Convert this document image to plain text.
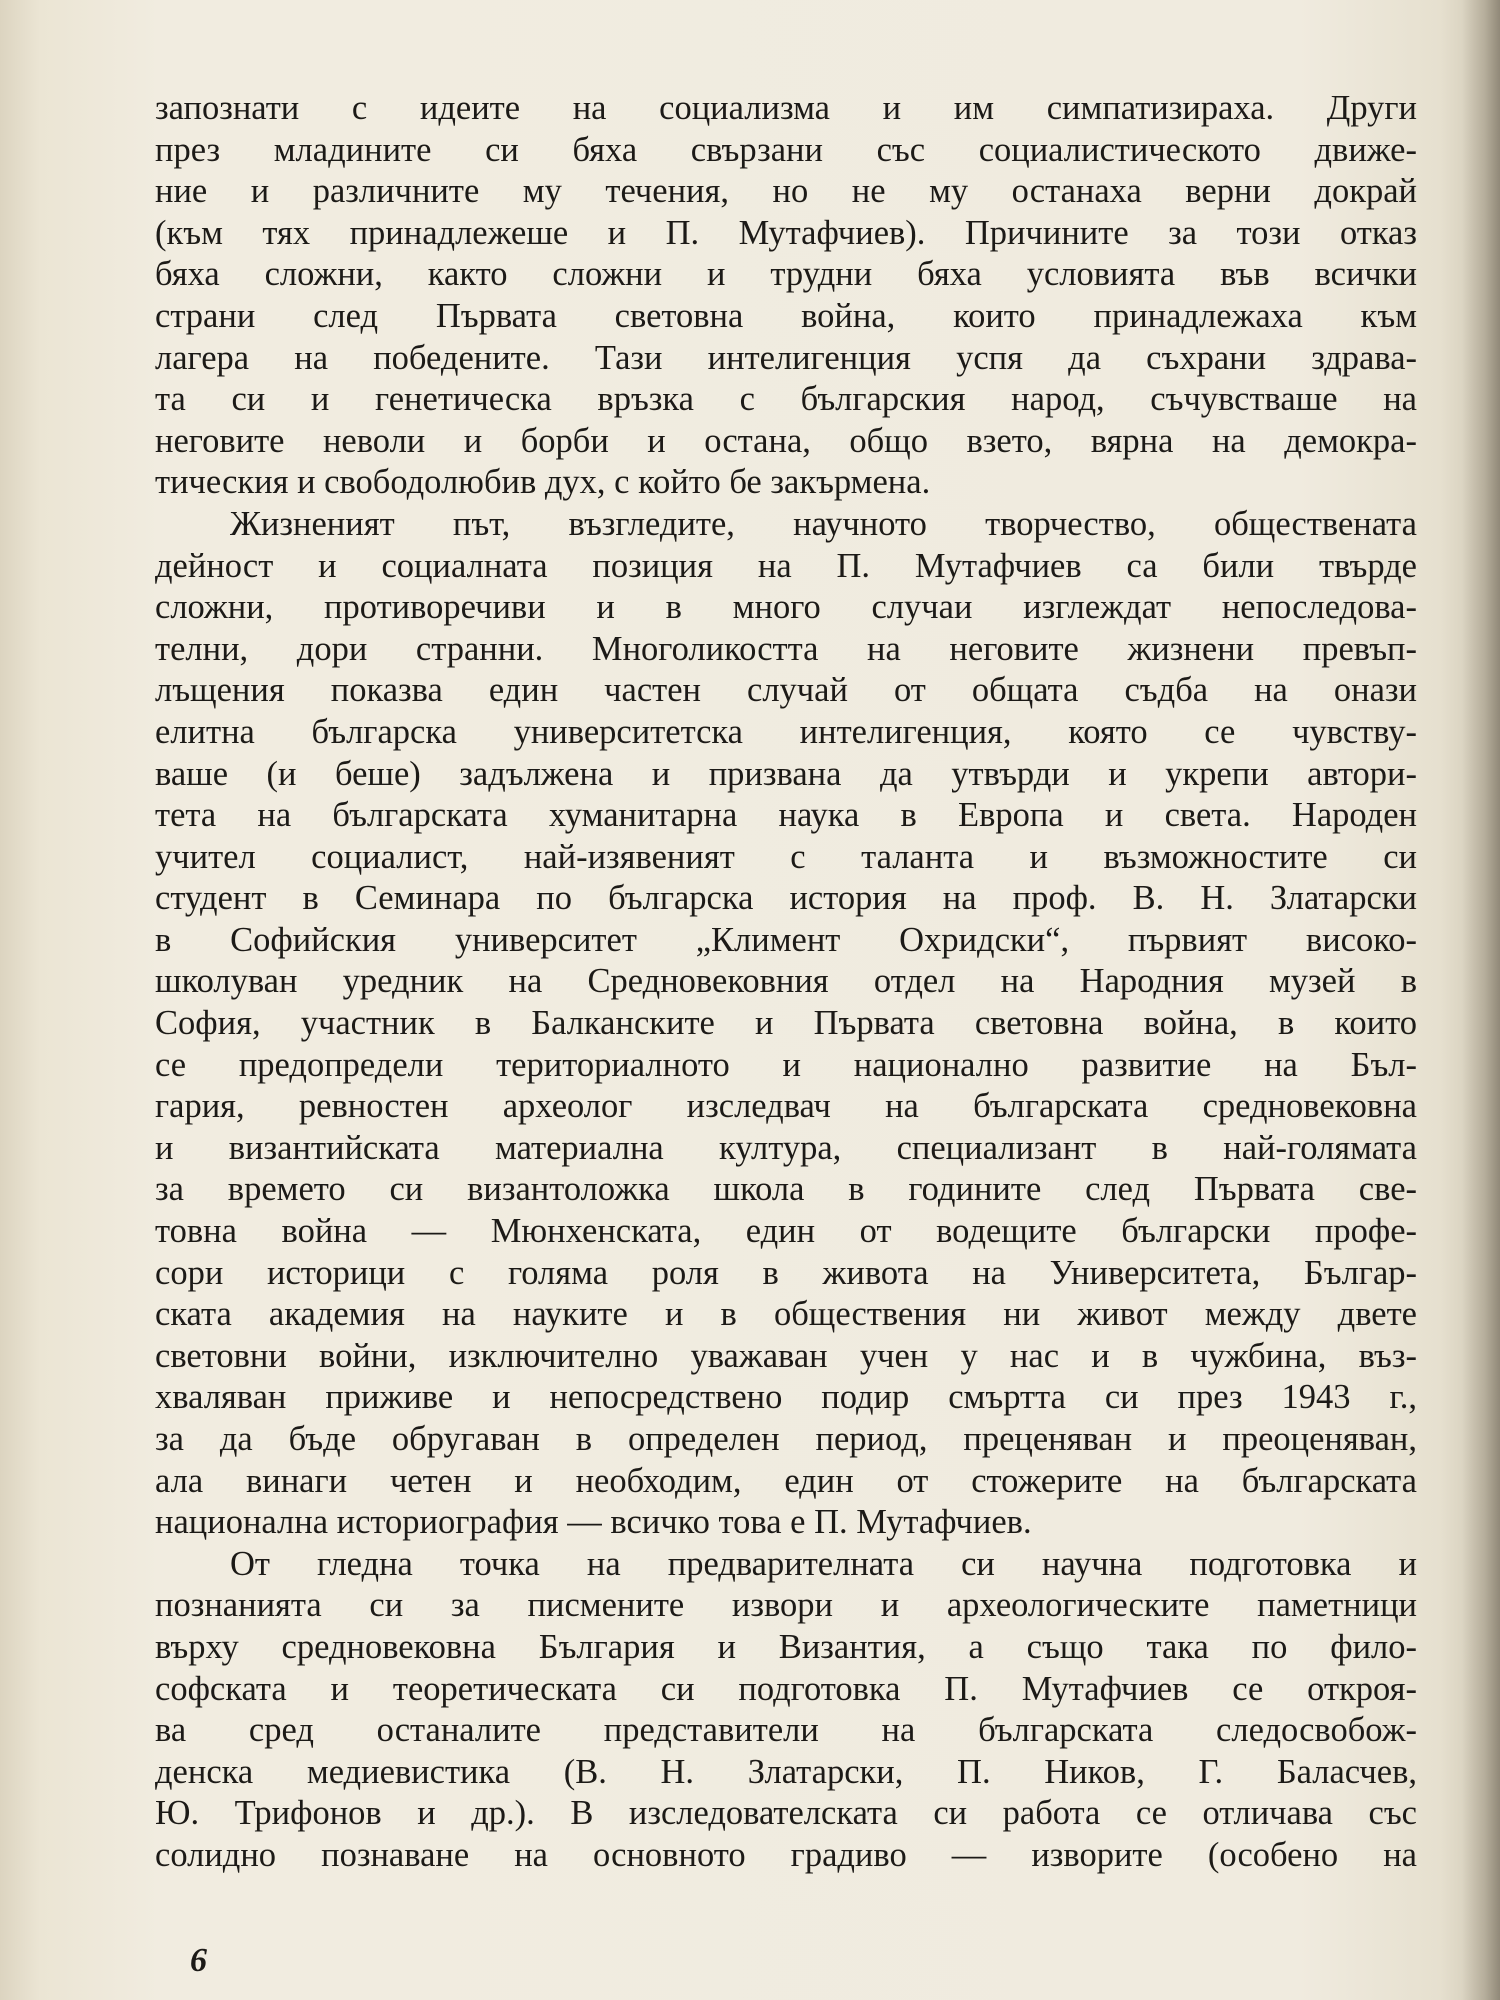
запознати с идеите на социализма и им симпатизираха. Други
през младините си бяха свързани със социалистическото движе-
ние и различните му течения, но не му останаха верни докрай
(към тях принадлежеше и П. Мутафчиев). Причините за този отказ
бяха сложни, както сложни и трудни бяха условията във всички
страни след Първата световна война, които принадлежаха към
лагера на победените. Тази интелигенция успя да съхрани здрава-
та си и генетическа връзка с българския народ, съчувстваше на
неговите неволи и борби и остана, общо взето, вярна на демокра-
тическия и свободолюбив дух, с който бе закърмена.
Жизненият път, възгледите, научното творчество, обществената
дейност и социалната позиция на П. Мутафчиев са били твърде
сложни, противоречиви и в много случаи изглеждат непоследова-
телни, дори странни. Многоликостта на неговите жизнени превъп-
лъщения показва един частен случай от общата съдба на онази
елитна българска университетска интелигенция, която се чувству-
ваше (и беше) задължена и призвана да утвърди и укрепи автори-
тета на българската хуманитарна наука в Европа и света. Народен
учител социалист, най-изявеният с таланта и възможностите си
студент в Семинара по българска история на проф. В. Н. Златарски
в Софийския университет „Климент Охридски“, първият високо-
школуван уредник на Средновековния отдел на Народния музей в
София, участник в Балканските и Първата световна война, в които
се предопредели териториалното и национално развитие на Бъл-
гария, ревностен археолог изследвач на българската средновековна
и византийската материална култура, специализант в най-голямата
за времето си византоложка школа в годините след Първата све-
товна война — Мюнхенската, един от водещите български профе-
сори историци с голяма роля в живота на Университета, Българ-
ската академия на науките и в обществения ни живот между двете
световни войни, изключително уважаван учен у нас и в чужбина, въз-
хваляван приживе и непосредствено подир смъртта си през 1943 г.,
за да бъде обругаван в определен период, преценяван и преоценяван,
ала винаги четен и необходим, един от стожерите на българската
национална историография — всичко това е П. Мутафчиев.
От гледна точка на предварителната си научна подготовка и
познанията си за писмените извори и археологическите паметници
върху средновековна България и Византия, а също така по фило-
софската и теоретическата си подготовка П. Мутафчиев се откроя-
ва сред останалите представители на българската следосвобож-
денска медиевистика (В. Н. Златарски, П. Ников, Г. Баласчев,
Ю. Трифонов и др.). В изследователската си работа се отличава със
солидно познаване на основното градиво — изворите (особено на
6
